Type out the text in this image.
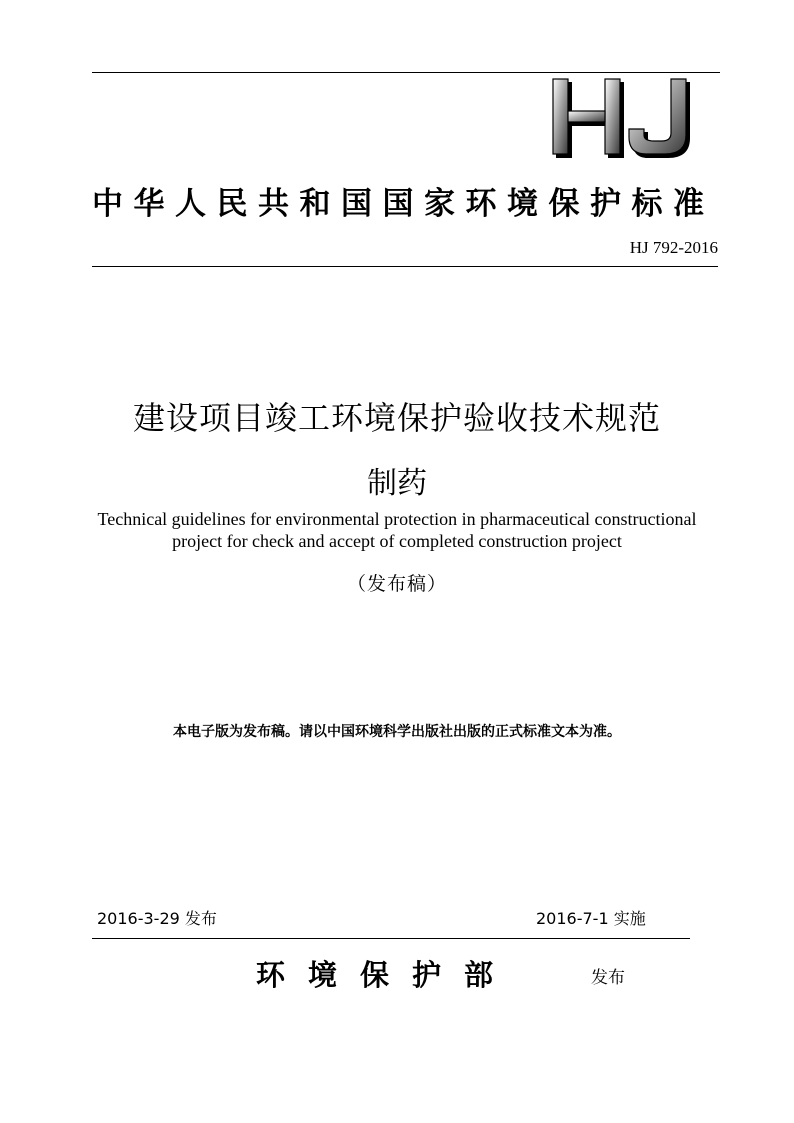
中华人民共和国国家环境保护标准
HJ 792-2016
建设项目竣工环境保护验收技术规范
制药
Technical guidelines for environmental protection in pharmaceutical constructional
project for check and accept of completed construction project
（发布稿）
本电子版为发布稿。请以中国环境科学出版社出版的正式标准文本为准。
2016-3-29 发布	2016-7-1 实施
环境保护部	发布
